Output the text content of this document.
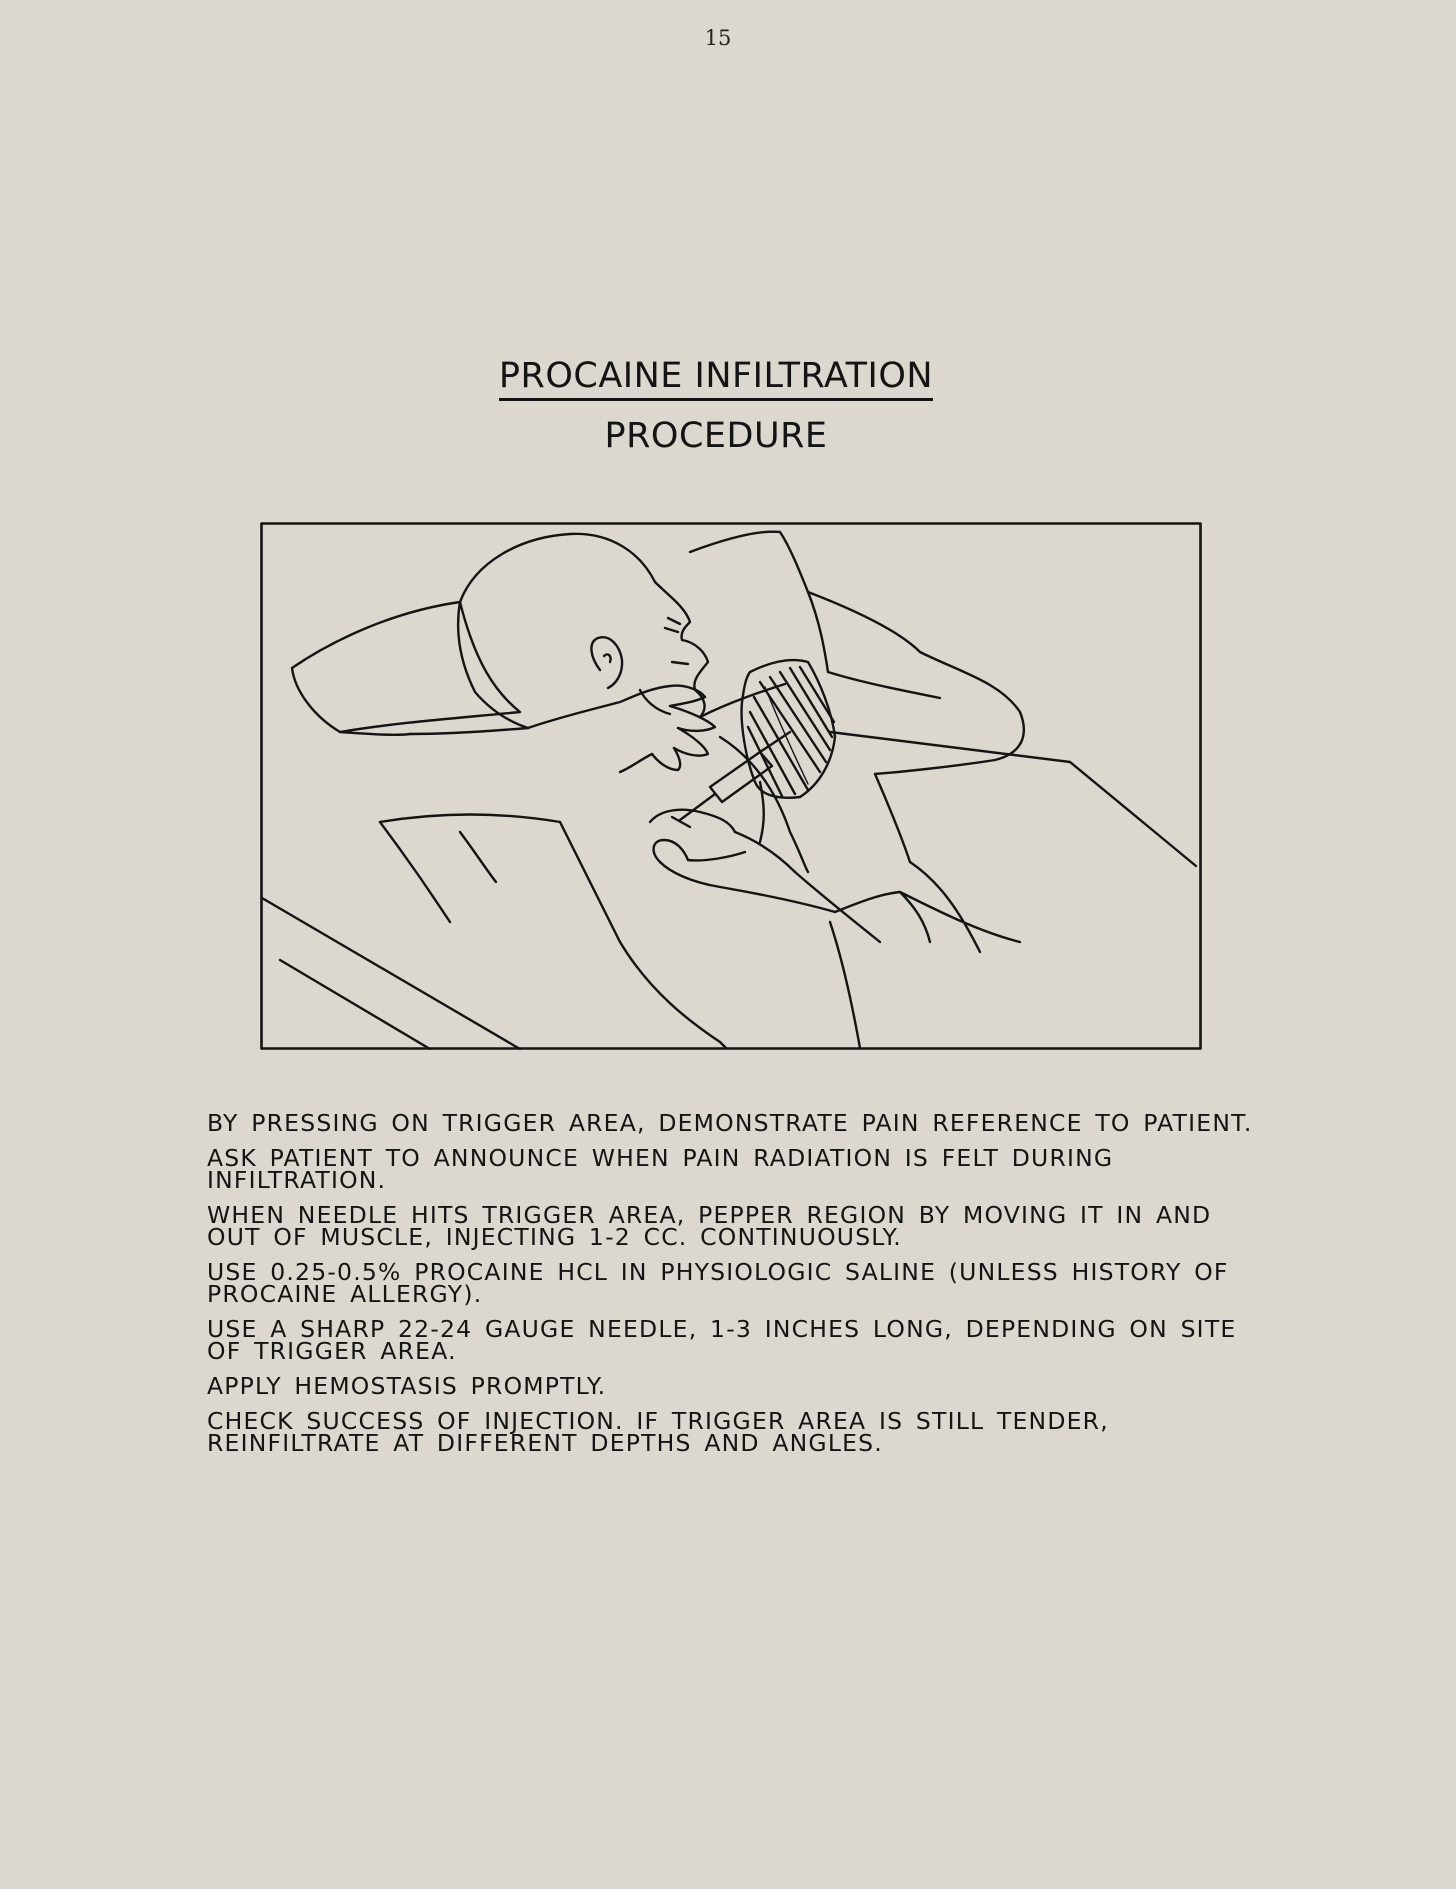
15
PROCAINE INFILTRATION
PROCEDURE
BY PRESSING ON TRIGGER AREA, DEMONSTRATE PAIN REFERENCE TO PATIENT.
ASK PATIENT TO ANNOUNCE WHEN PAIN RADIATION IS FELT DURING INFILTRATION.
WHEN NEEDLE HITS TRIGGER AREA, PEPPER REGION BY MOVING IT IN AND OUT OF MUSCLE, INJECTING 1-2 CC. CONTINUOUSLY.
USE 0.25-0.5% PROCAINE HCL IN PHYSIOLOGIC SALINE (UNLESS HISTORY OF PROCAINE ALLERGY).
USE A SHARP 22-24 GAUGE NEEDLE, 1-3 INCHES LONG, DEPENDING ON SITE OF TRIGGER AREA.
APPLY HEMOSTASIS PROMPTLY.
CHECK SUCCESS OF INJECTION. IF TRIGGER AREA IS STILL TENDER, REINFILTRATE AT DIFFERENT DEPTHS AND ANGLES.
